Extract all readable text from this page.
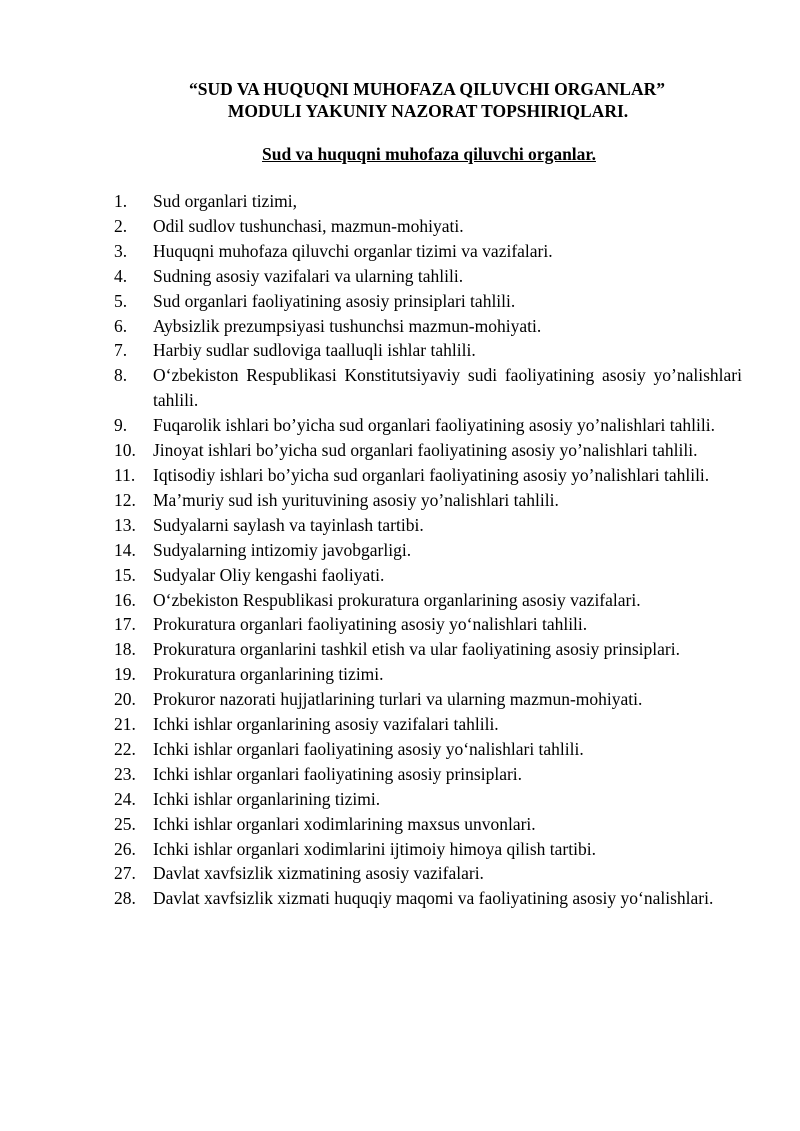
“SUD VA HUQUQNI MUHOFAZA QILUVCHI ORGANLAR”
MODULI YAKUNIY NAZORAT TOPSHIRIQLARI.
Sud va huquqni muhofaza qiluvchi organlar.
1.	Sud organlari tizimi,
2.	Odil sudlov tushunchasi, mazmun-mohiyati.
3.	Huquqni muhofaza qiluvchi organlar tizimi va vazifalari.
4.	Sudning asosiy vazifalari va ularning tahlili.
5.	Sud organlari faoliyatining asosiy prinsiplari tahlili.
6.	Aybsizlik prezumpsiyasi tushunchsi mazmun-mohiyati.
7.	Harbiy sudlar sudloviga taalluqli ishlar tahlili.
8.	O‘zbekiston Respublikasi Konstitutsiyaviy sudi faoliyatining asosiy yo’nalishlari tahlili.
9.	Fuqarolik ishlari bo’yicha sud organlari faoliyatining asosiy yo’nalishlari tahlili.
10. Jinoyat ishlari bo’yicha sud organlari faoliyatining asosiy yo’nalishlari tahlili.
11.	Iqtisodiy ishlari bo’yicha sud organlari faoliyatining asosiy yo’nalishlari tahlili.
12. Ma’muriy sud ish yurituvining asosiy yo’nalishlari tahlili.
13. Sudyalarni saylash va tayinlash tartibi.
14. Sudyalarning intizomiy javobgarligi.
15. Sudyalar Oliy kengashi faoliyati.
16. O‘zbekiston Respublikasi prokuratura organlarining asosiy vazifalari.
17. Prokuratura organlari faoliyatining asosiy yo‘nalishlari tahlili.
18. Prokuratura organlarini tashkil etish va ular faoliyatining asosiy prinsiplari.
19. Prokuratura organlarining tizimi.
20. Prokuror nazorati hujjatlarining turlari va ularning mazmun-mohiyati.
21. Ichki ishlar organlarining asosiy vazifalari tahlili.
22. Ichki ishlar organlari faoliyatining asosiy yo‘nalishlari tahlili.
23. Ichki ishlar organlari faoliyatining asosiy prinsiplari.
24. Ichki ishlar organlarining tizimi.
25. Ichki ishlar organlari xodimlarining maxsus unvonlari.
26. Ichki ishlar organlari xodimlarini ijtimoiy himoya qilish tartibi.
27. Davlat xavfsizlik xizmatining asosiy vazifalari.
28. Davlat xavfsizlik xizmati huquqiy maqomi va faoliyatining asosiy yo‘nalishlari.
